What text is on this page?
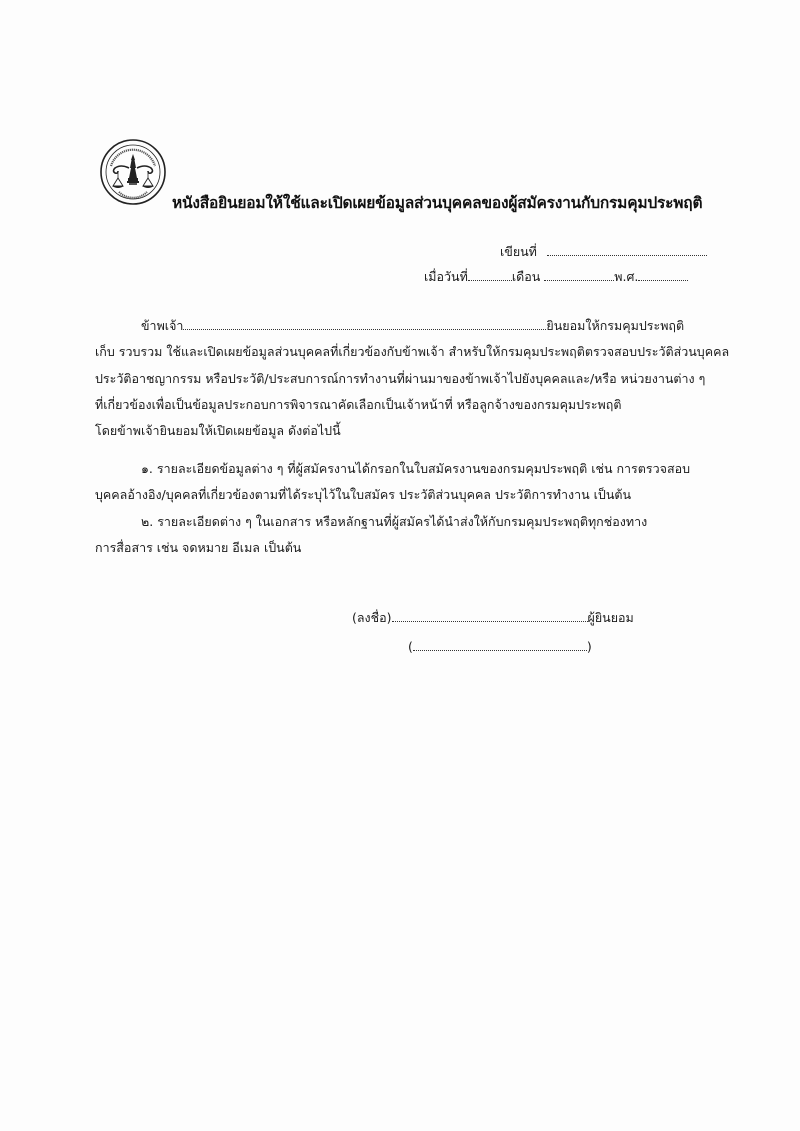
หนังสือยินยอมให้ใช้และเปิดเผยข้อมูลส่วนบุคคลของผู้สมัครงานกับกรมคุมประพฤติ
เขียนที่
เมื่อวันที่	เดือน	พ.ศ.
ข้าพเจ้า	ยินยอมให้กรมคุมประพฤติ
เก็บ รวบรวม ใช้และเปิดเผยข้อมูลส่วนบุคคลที่เกี่ยวข้องกับข้าพเจ้า สำหรับให้กรมคุมประพฤติตรวจสอบประวัติส่วนบุคคล
ประวัติอาชญากรรม หรือประวัติ/ประสบการณ์การทำงานที่ผ่านมาของข้าพเจ้าไปยังบุคคลและ/หรือ หน่วยงานต่าง ๆ
ที่เกี่ยวข้องเพื่อเป็นข้อมูลประกอบการพิจารณาคัดเลือกเป็นเจ้าหน้าที่ หรือลูกจ้างของกรมคุมประพฤติ
โดยข้าพเจ้ายินยอมให้เปิดเผยข้อมูล ดังต่อไปนี้
๑. รายละเอียดข้อมูลต่าง ๆ ที่ผู้สมัครงานได้กรอกในใบสมัครงานของกรมคุมประพฤติ เช่น การตรวจสอบ
บุคคลอ้างอิง/บุคคลที่เกี่ยวข้องตามที่ได้ระบุไว้ในใบสมัคร ประวัติส่วนบุคคล ประวัติการทำงาน เป็นต้น
๒. รายละเอียดต่าง ๆ ในเอกสาร หรือหลักฐานที่ผู้สมัครได้นำส่งให้กับกรมคุมประพฤติทุกช่องทาง
การสื่อสาร เช่น จดหมาย อีเมล เป็นต้น
(ลงชื่อ)	ผู้ยินยอม
(	)
